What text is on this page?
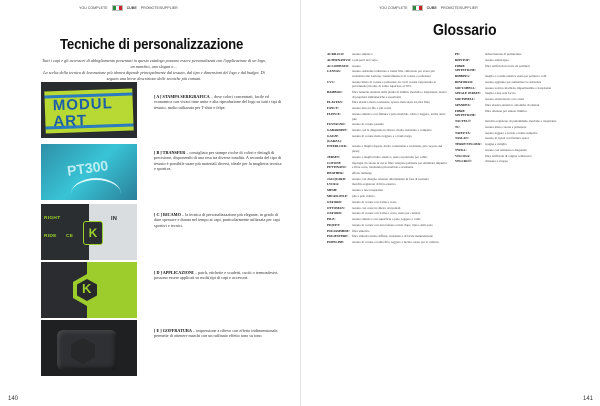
YOU COMPLETE	CUBE PROMOTE/SUPPLIER
Tecniche di personalizzazione
Tutti i capi e gli accessori di abbigliamento presentati in questo catalogo possono essere personalizzati con l'applicazione di un logo, un marchio, uno slogan o ...
La scelta della tecnica di lavorazione più idonea dipende principalmente dal tessuto, dal tipo e dimensioni del logo e dal budget. Di seguito una breve descrizione delle tecniche più comuni.
MODUL
ART
[ A ] STAMPA SERIGRAFICA – dove colori concentrati, facile ed economica con vivaci tinte unite e alta riproduzione del logo su tutti i tipi di tessuto, molto utilizzata per T-shirt e felpe.
PT300
[ B ] TRANSFER – consigliato per stampe ricche di colori e dettagli di precisione, disponendo di una resa tra diverse tonalità. A seconda del tipo di tessuto è possibile usare più materiali diversi, ideale per la maglieria tecnica e sportiva.
RIGHT
RIDE CE
IN
K
[ C ] RICAMO – la tecnica di personalizzazione più elegante, in grado di dare spessore e durata nel tempo ai capi, particolarmente utilizzata per capi sportivi e tecnici.
K
[ D ] APPLICAZIONI – patch, etichette e scudetti, cuciti o termoadesivi, possono essere applicati su molti tipi di capi e accessori.
[ E ] GOFFRATURA – impressione a rilievo con effetto tridimensionale, permette di ottenere marchi con un raffinato effetto tono su tono.
140
YOU COMPLETE	CUBE PROMOTE/SUPPLIER
Glossario
ACRILICO:	tessuto sintetico
ALTERNATIVO: a più parti del corpo
ACCOPPIATO: tessuto
CANVAS:	tessuto resistente realizzato a trama fitta, rinforzato per avere più resistenza alla trazione. Generalmente è di cotone o poliestere
CVC:	tessuto misto di cotone e poliestere, in cui il cotone rappresenta la percentuale più alta, di solito superiore al 50%
BAMBOO:	fibra naturale ottenuta dalla pianta di bambù, morbida e traspirante, dotata di proprietà antibatteriche e assorbenti
ELASTAN:	fibra elastica molto resistente, spesso mescolata ad altre fibre
FANCY:	tessuto tinto in filo a più colori
FLEECE:	tessuto sintetico con finitura a pelo morbido, caldo e leggero, anche detto pile
FUSTAGNO:	tessuto in cotone pesante
GABARDINE:	tessuto con la diagonale in rilievo, molto resistente e compatto
GAUZE (GARZA):
tessuto di cotone molto leggero e a trama larga
INTERLOCK:	tessuto a maglia doppia, molto consistente e resistente, più corposo del jersey
JERSEY:	tessuto a maglia molto elastico, usato soprattutto per t-shirt
COTONE PETTINATO:
tipologia di cotone in cui le fibre vengono pettinate per eliminare impurità e fibre corte, risultando più morbido e resistente
HEATHER:	effetto mélange
JACQUARD:	tessuto con disegno ottenuto direttamente in fase di tessitura
LYCRA:	marchio registrato di fibra elastica
MESH:	tessuto a rete traspirante
MICRO-PILE:	pile a pelo ridotto
OXFORD:	tessuto di cotone con trama a cesto
OTTOMAN:	tessuto con coste in rilievo orizzontali
OXFORD:	tessuto di cotone con trama a cesto, usato per camicie
PILE:	tessuto sintetico con superficie a pelo, leggero e caldo
PIQUET:	tessuto in cotone con lavorazione a nido d'ape, tipico delle polo
POLIAMMIDE: fibra sintetica
POLIESTERE:	fibra sintetica molto diffusa, resistente e di facile manutenzione
POPELINE:	tessuto di cotone a trama fitta, leggero e lucido, usato per le camicie
PU:	abbreviazione di poliuretano
RIPSTOP:	tessuto antistrappo
FIBRE SINTETICHE:
fibre artificiali ricavate da polimeri
RIBBING:	maglia a costine elastica usata per polsini e colli
RINFORZO:	tessuto aggiunto per aumentare la resistenza
SOFT-SHELL:	tessuto tecnico morbido, impermeabile e traspirante
SINGLE JERSEY:	maglia a una sola faccia
SOFTSHELL:	tessuto elasticizzato a tre strati
SPANDEX:	fibra elastica sintetica, sinonimo di elastan
FIBRE SINTETICHE:
fibre ottenute per sintesi chimica
TACTEL®:	marchio registrato di poliammide, morbido e traspirante
TC:	tessuto misto cotone e poliestere
TAFFETÀ:	tessuto leggero e lucido a trama semplice
TASLAN:	tessuto in nylon con finitura opaca
TERRY/VELOUR:	spugna e ciniglia
TWILL:	tessuto con armatura a diagonale
VISCOSA:	fibra artificiale di origine cellulosica
VELCRO®:	chiusura a strappo
141
